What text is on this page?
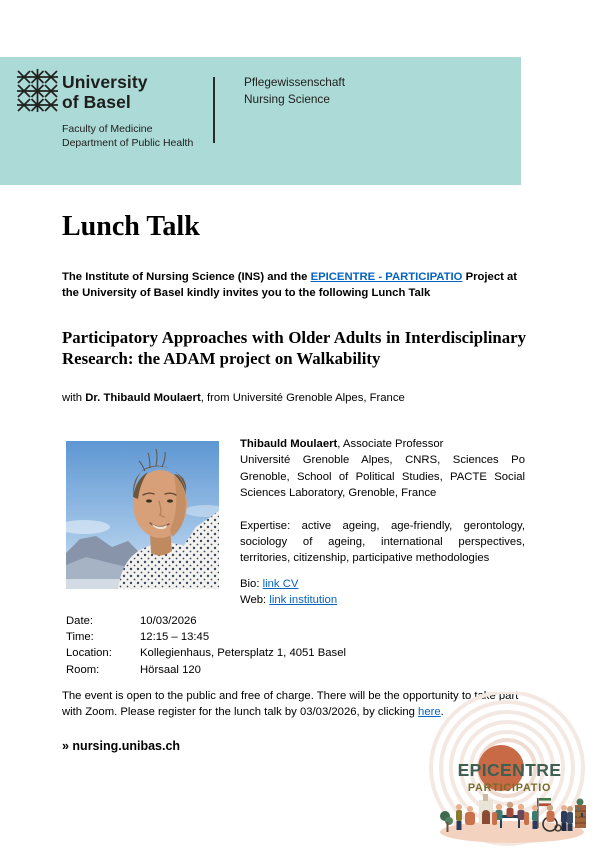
University
of Basel
Faculty of Medicine
Department of Public Health
Pflegewissenschaft
Nursing Science
Lunch Talk
The Institute of Nursing Science (INS) and the EPICENTRE - PARTICIPATIO Project at the University of Basel kindly invites you to the following Lunch Talk
Participatory Approaches with Older Adults in Interdisciplinary Research: the ADAM project on Walkability
with Dr. Thibauld Moulaert, from Université Grenoble Alpes, France

Thibauld Moulaert, Associate Professor

Université Grenoble Alpes, CNRS, Sciences Po Grenoble, School of Political Studies, PACTE Social Sciences Laboratory, Grenoble, France

Expertise: active ageing, age-friendly, gerontology, sociology of ageing, international perspectives, territories, citizenship, participative methodologies

Bio: link CV

Web: link institution

Date:	10/03/2026
Time:	12:15 – 13:45
Location:	Kollegienhaus, Petersplatz 1, 4051 Basel
Room:	Hörsaal 120
The event is open to the public and free of charge. There will be the opportunity to take part with Zoom. Please register for the lunch talk by 03/03/2026, by clicking here.
» nursing.unibas.ch
EPICENTRE
PARTICIPATIO
